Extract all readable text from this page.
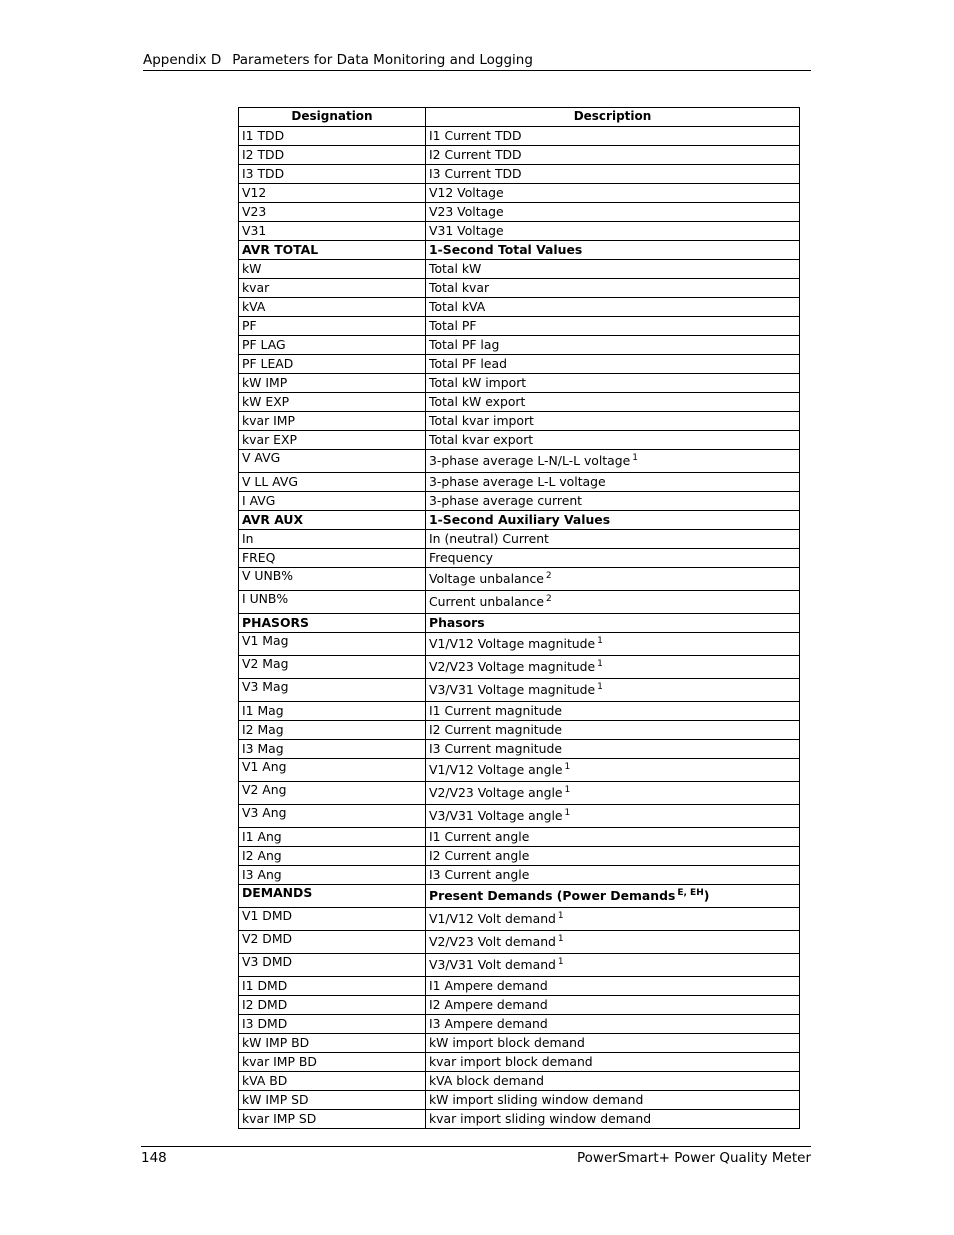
Appendix D Parameters for Data Monitoring and Logging
Designation	Description
I1 TDD	I1 Current TDD
I2 TDD	I2 Current TDD
I3 TDD	I3 Current TDD
V12	V12 Voltage
V23	V23 Voltage
V31	V31 Voltage
AVR TOTAL	1-Second Total Values
kW	Total kW
kvar	Total kvar
kVA	Total kVA
PF	Total PF
PF LAG	Total PF lag
PF LEAD	Total PF lead
kW IMP	Total kW import
kW EXP	Total kW export
kvar IMP	Total kvar import
kvar EXP	Total kvar export
V AVG	3-phase average L-N/L-L voltage $^1$
V LL AVG	3-phase average L-L voltage
I AVG	3-phase average current
AVR AUX	1-Second Auxiliary Values
In	In (neutral) Current
FREQ	Frequency
V UNB%	Voltage unbalance $^2$
I UNB%	Current unbalance $^2$
PHASORS	Phasors
V1 Mag	V1/V12 Voltage magnitude $^1$
V2 Mag	V2/V23 Voltage magnitude $^1$
V3 Mag	V3/V31 Voltage magnitude $^1$
I1 Mag	I1 Current magnitude
I2 Mag	I2 Current magnitude
I3 Mag	I3 Current magnitude
V1 Ang	V1/V12 Voltage angle $^1$
V2 Ang	V2/V23 Voltage angle $^1$
V3 Ang	V3/V31 Voltage angle $^1$
I1 Ang	I1 Current angle
I2 Ang	I2 Current angle
I3 Ang	I3 Current angle
DEMANDS	Present Demands (Power Demands $^{E, EH}$)
V1 DMD	V1/V12 Volt demand $^1$
V2 DMD	V2/V23 Volt demand $^1$
V3 DMD	V3/V31 Volt demand $^1$
I1 DMD	I1 Ampere demand
I2 DMD	I2 Ampere demand
I3 DMD	I3 Ampere demand
kW IMP BD	kW import block demand
kvar IMP BD	kvar import block demand
kVA BD	kVA block demand
kW IMP SD	kW import sliding window demand
kvar IMP SD	kvar import sliding window demand
148	PowerSmart+ Power Quality Meter
